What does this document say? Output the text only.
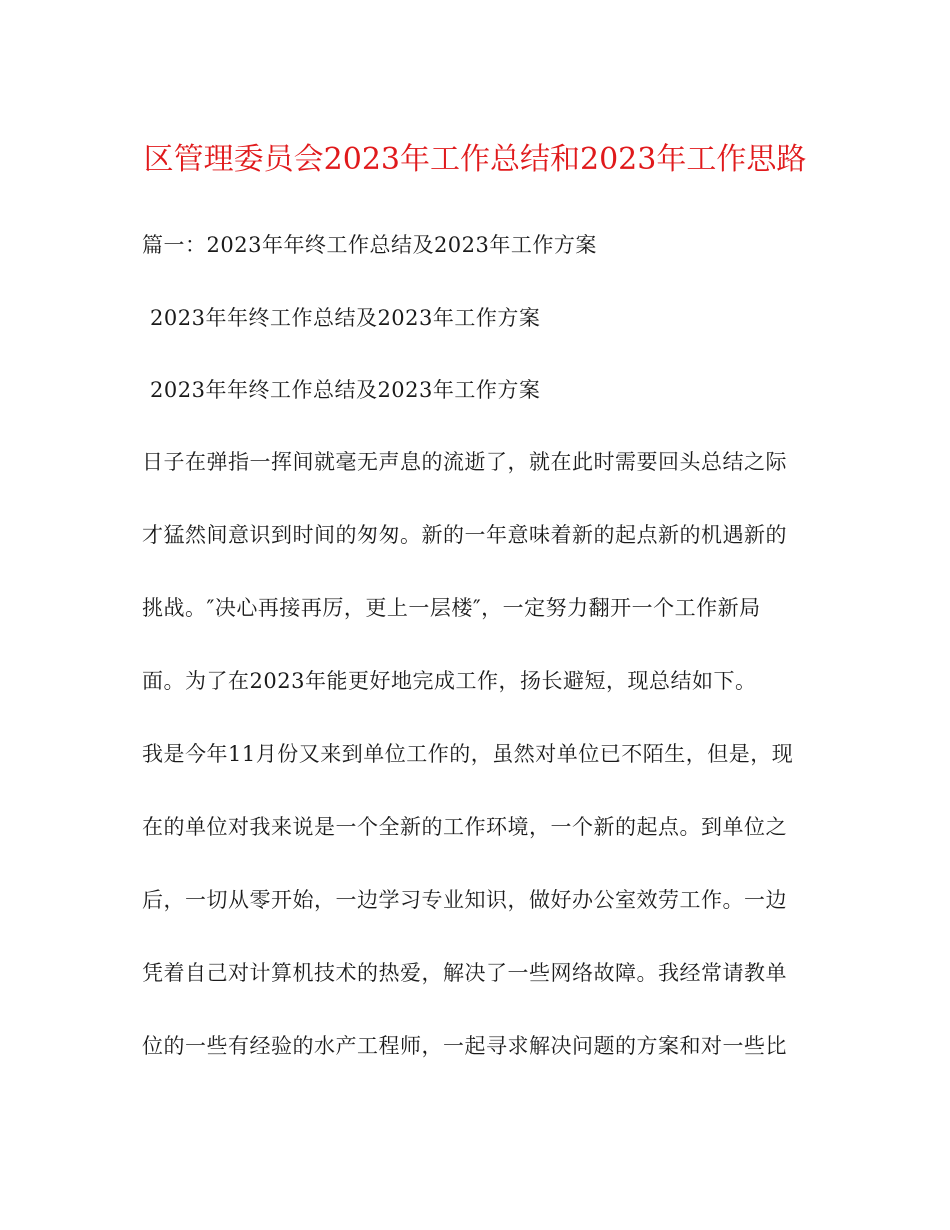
区管理委员会2023年工作总结和2023年工作思路
篇一：2023年年终工作总结及2023年工作方案
2023年年终工作总结及2023年工作方案
2023年年终工作总结及2023年工作方案
日子在弹指一挥间就毫无声息的流逝了，就在此时需要回头总结之际
才猛然间意识到时间的匆匆。新的一年意味着新的起点新的机遇新的
挑战。″决心再接再厉，更上一层楼″，一定努力翻开一个工作新局
面。为了在2023年能更好地完成工作，扬长避短，现总结如下。
我是今年11月份又来到单位工作的，虽然对单位已不陌生，但是，现
在的单位对我来说是一个全新的工作环境，一个新的起点。到单位之
后，一切从零开始，一边学习专业知识，做好办公室效劳工作。一边
凭着自己对计算机技术的热爱，解决了一些网络故障。我经常请教单
位的一些有经验的水产工程师，一起寻求解决问题的方案和对一些比
